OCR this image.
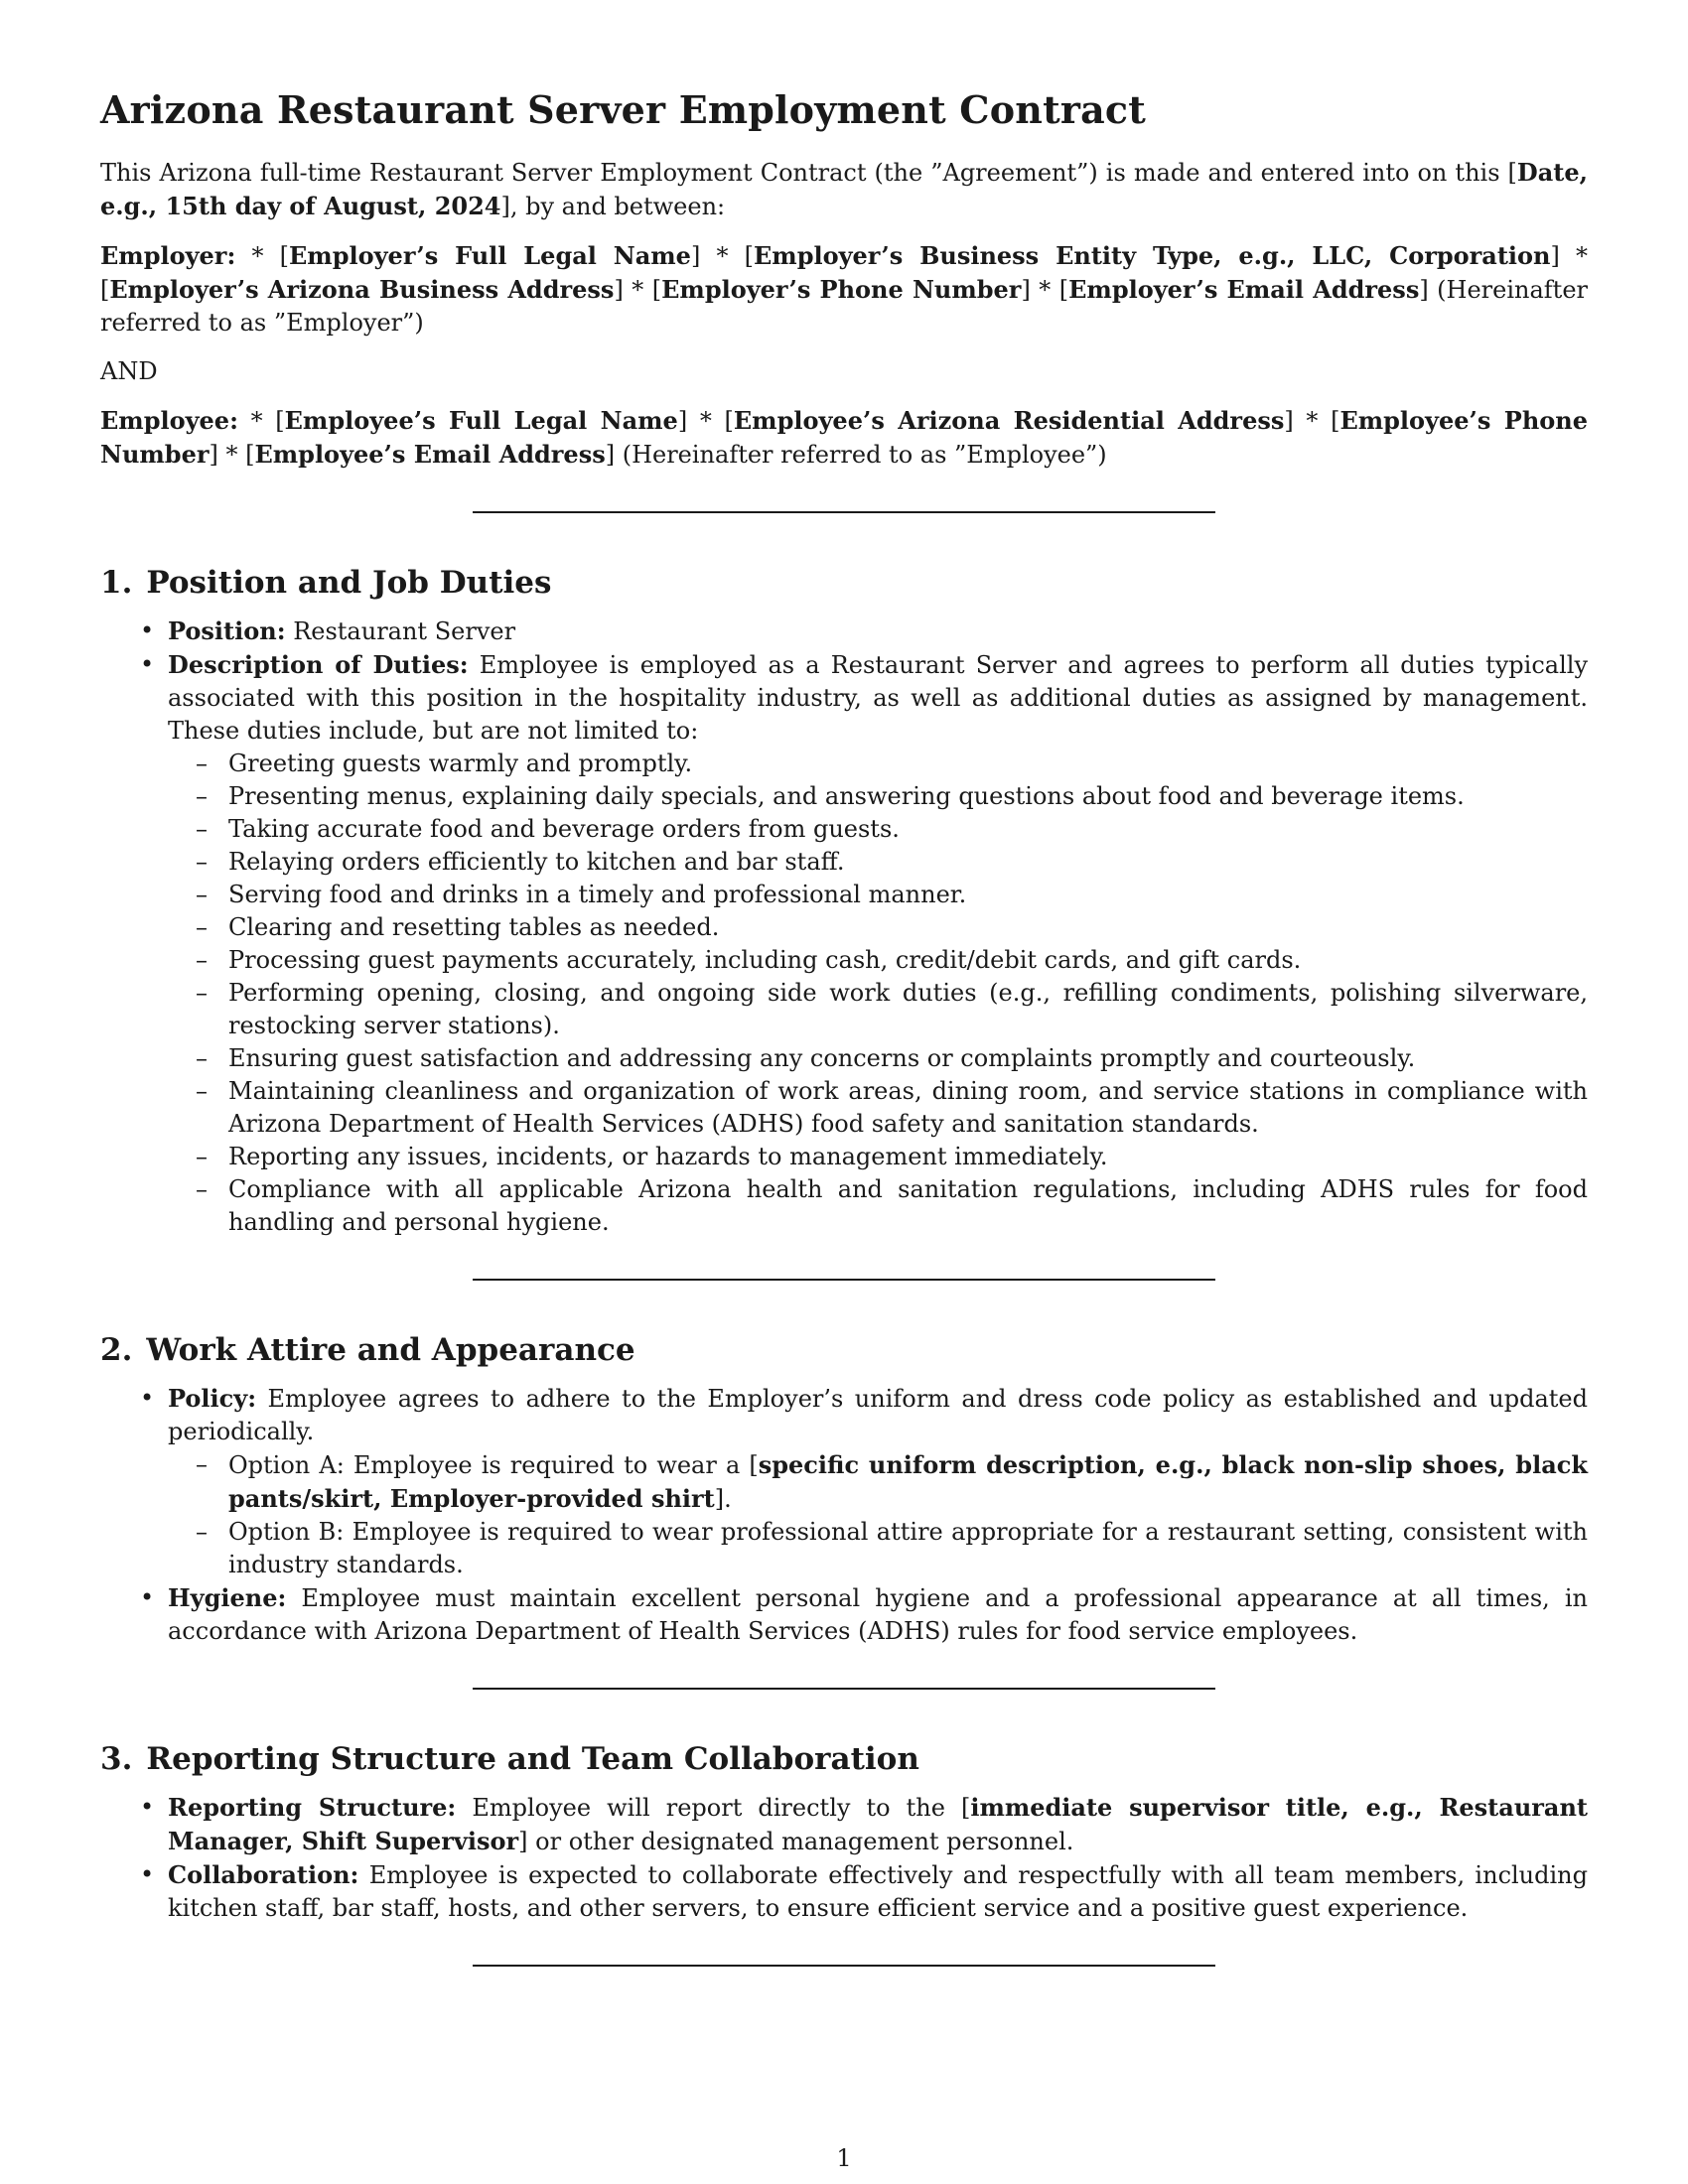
Arizona Restaurant Server Employment Contract

This Arizona full-time Restaurant Server Employment Contract (the ”Agreement”) is made and entered into on this [Date, e.g., 15th day of August, 2024], by and between:

Employer: * [Employer’s Full Legal Name] * [Employer’s Business Entity Type, e.g., LLC, Corporation] * [Employer’s Arizona Business Address] * [Employer’s Phone Number] * [Employer’s Email Address] (Hereinafter referred to as ”Employer”)

AND

Employee: * [Employee’s Full Legal Name] * [Employee’s Arizona Residential Address] * [Employee’s Phone Number] * [Employee’s Email Address] (Hereinafter referred to as ”Employee”)

1. Position and Job Duties
• Position: Restaurant Server
• Description of Duties: Employee is employed as a Restaurant Server and agrees to perform all duties typically associated with this position in the hospitality industry, as well as additional duties as assigned by management. These duties include, but are not limited to:
– Greeting guests warmly and promptly.
– Presenting menus, explaining daily specials, and answering questions about food and beverage items.
– Taking accurate food and beverage orders from guests.
– Relaying orders efficiently to kitchen and bar staff.
– Serving food and drinks in a timely and professional manner.
– Clearing and resetting tables as needed.
– Processing guest payments accurately, including cash, credit/debit cards, and gift cards.
– Performing opening, closing, and ongoing side work duties (e.g., refilling condiments, polishing silverware, restocking server stations).
– Ensuring guest satisfaction and addressing any concerns or complaints promptly and courteously.
– Maintaining cleanliness and organization of work areas, dining room, and service stations in compliance with Arizona Department of Health Services (ADHS) food safety and sanitation standards.
– Reporting any issues, incidents, or hazards to management immediately.
– Compliance with all applicable Arizona health and sanitation regulations, including ADHS rules for food handling and personal hygiene.
2. Work Attire and Appearance
• Policy: Employee agrees to adhere to the Employer’s uniform and dress code policy as established and updated periodically.
– Option A: Employee is required to wear a [specific uniform description, e.g., black non-slip shoes, black pants/skirt, Employer-provided shirt].
– Option B: Employee is required to wear professional attire appropriate for a restaurant setting, consistent with industry standards.
• Hygiene: Employee must maintain excellent personal hygiene and a professional appearance at all times, in accordance with Arizona Department of Health Services (ADHS) rules for food service employees.
3. Reporting Structure and Team Collaboration
• Reporting Structure: Employee will report directly to the [immediate supervisor title, e.g., Restaurant Manager, Shift Supervisor] or other designated management personnel.
• Collaboration: Employee is expected to collaborate effectively and respectfully with all team members, including kitchen staff, bar staff, hosts, and other servers, to ensure efficient service and a positive guest experience.
1
